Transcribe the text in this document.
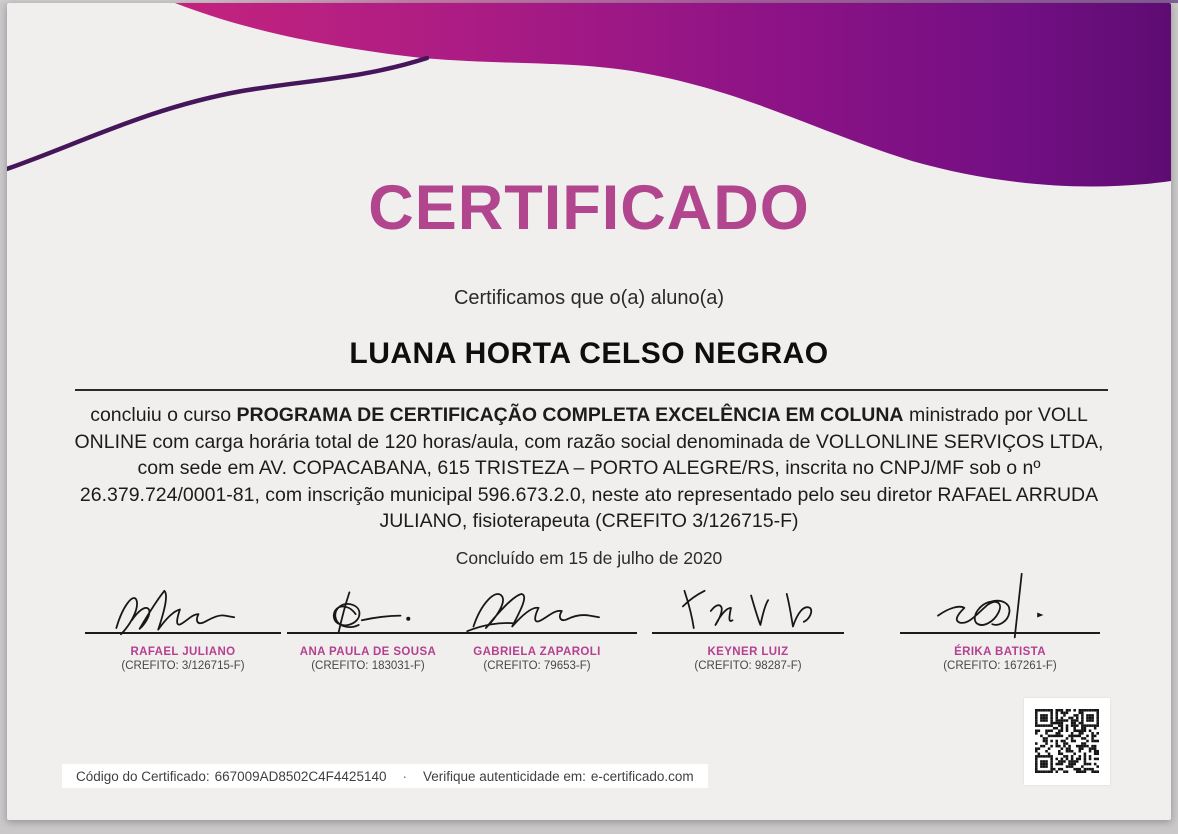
CERTIFICADO
Certificamos que o(a) aluno(a)
LUANA HORTA CELSO NEGRAO
concluiu o curso PROGRAMA DE CERTIFICAÇÃO COMPLETA EXCELÊNCIA EM COLUNA ministrado por VOLL ONLINE com carga horária total de 120 horas/aula, com razão social denominada de VOLLONLINE SERVIÇOS LTDA, com sede em AV. COPACABANA, 615 TRISTEZA – PORTO ALEGRE/RS, inscrita no CNPJ/MF sob o nº 26.379.724/0001-81, com inscrição municipal 596.673.2.0, neste ato representado pelo seu diretor RAFAEL ARRUDA JULIANO, fisioterapeuta (CREFITO 3/126715-F)
Concluído em 15 de julho de 2020
RAFAEL JULIANO
(CREFITO: 3/126715-F)
ANA PAULA DE SOUSA
(CREFITO: 183031-F)
GABRIELA ZAPAROLI
(CREFITO: 79653-F)
KEYNER LUIZ
(CREFITO: 98287-F)
ÉRIKA BATISTA
(CREFITO: 167261-F)
Código do Certificado: 667009AD8502C4F4425140 · Verifique autenticidade em: e-certificado.com
